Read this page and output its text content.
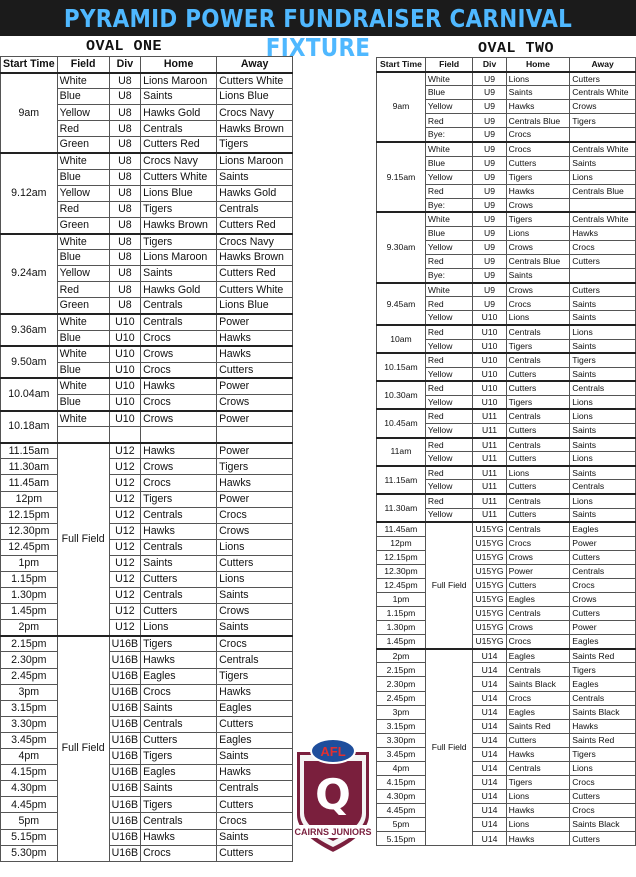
PYRAMID POWER FUNDRAISER CARNIVAL FIXTURE
OVAL ONE	OVAL TWO
Start Time	Field	Div	Home	Away
9am	White	U8	Lions Maroon	Cutters White
	Blue	U8	Saints	Lions Blue
	Yellow	U8	Hawks Gold	Crocs Navy
	Red	U8	Centrals	Hawks Brown
	Green	U8	Cutters Red	Tigers
9.12am	White	U8	Crocs Navy	Lions Maroon
	Blue	U8	Cutters White	Saints
	Yellow	U8	Lions Blue	Hawks Gold
	Red	U8	Tigers	Centrals
	Green	U8	Hawks Brown	Cutters Red
9.24am	White	U8	Tigers	Crocs Navy
	Blue	U8	Lions Maroon	Hawks Brown
	Yellow	U8	Saints	Cutters Red
	Red	U8	Hawks Gold	Cutters White
	Green	U8	Centrals	Lions Blue
9.36am	White	U10	Centrals	Power
	Blue	U10	Crocs	Hawks
9.50am	White	U10	Crows	Hawks
	Blue	U10	Crocs	Cutters
10.04am	White	U10	Hawks	Power
	Blue	U10	Crocs	Crows
10.18am	White	U10	Crows	Power

11.15am	Full Field	U12	Hawks	Power
11.30am		U12	Crows	Tigers
11.45am		U12	Crocs	Hawks
12pm		U12	Tigers	Power
12.15pm		U12	Centrals	Crocs
12.30pm		U12	Hawks	Crows
12.45pm		U12	Centrals	Lions
1pm		U12	Saints	Cutters
1.15pm		U12	Cutters	Lions
1.30pm		U12	Centrals	Saints
1.45pm		U12	Cutters	Crows
2pm		U12	Lions	Saints
2.15pm	Full Field	U16B	Tigers	Crocs
2.30pm		U16B	Hawks	Centrals
2.45pm		U16B	Eagles	Tigers
3pm		U16B	Crocs	Hawks
3.15pm		U16B	Saints	Eagles
3.30pm		U16B	Centrals	Cutters
3.45pm		U16B	Cutters	Eagles
4pm		U16B	Tigers	Saints
4.15pm		U16B	Eagles	Hawks
4.30pm		U16B	Saints	Centrals
4.45pm		U16B	Tigers	Cutters
5pm		U16B	Centrals	Crocs
5.15pm		U16B	Hawks	Saints
5.30pm		U16B	Crocs	Cutters
Start Time	Field	Div	Home	Away
9am	White	U9	Lions	Cutters
	Blue	U9	Saints	Centrals White
	Yellow	U9	Hawks	Crows
	Red	U9	Centrals Blue	Tigers
	Bye:	U9	Crocs	
9.15am	White	U9	Crocs	Centrals White
	Blue	U9	Cutters	Saints
	Yellow	U9	Tigers	Lions
	Red	U9	Hawks	Centrals Blue
	Bye:	U9	Crows	
9.30am	White	U9	Tigers	Centrals White
	Blue	U9	Lions	Hawks
	Yellow	U9	Crows	Crocs
	Red	U9	Centrals Blue	Cutters
	Bye:	U9	Saints	
9.45am	White	U9	Crows	Cutters
	Red	U9	Crocs	Saints
	Yellow	U10	Lions	Saints
10am	Red	U10	Centrals	Lions
	Yellow	U10	Tigers	Saints
10.15am	Red	U10	Centrals	Tigers
	Yellow	U10	Cutters	Saints
10.30am	Red	U10	Cutters	Centrals
	Yellow	U10	Tigers	Lions
10.45am	Red	U11	Centrals	Lions
	Yellow	U11	Cutters	Saints
11am	Red	U11	Centrals	Saints
	Yellow	U11	Cutters	Lions
11.15am	Red	U11	Lions	Saints
	Yellow	U11	Cutters	Centrals
11.30am	Red	U11	Centrals	Lions
	Yellow	U11	Cutters	Saints
11.45am	Full Field	U15YG	Centrals	Eagles
12pm		U15YG	Crocs	Power
12.15pm		U15YG	Crows	Cutters
12.30pm		U15YG	Power	Centrals
12.45pm		U15YG	Cutters	Crocs
1pm		U15YG	Eagles	Crows
1.15pm		U15YG	Centrals	Cutters
1.30pm		U15YG	Crows	Power
1.45pm		U15YG	Crocs	Eagles
2pm	Full Field	U14	Eagles	Saints Red
2.15pm		U14	Centrals	Tigers
2.30pm		U14	Saints Black	Eagles
2.45pm		U14	Crocs	Centrals
3pm		U14	Eagles	Saints Black
3.15pm		U14	Saints Red	Hawks
3.30pm		U14	Cutters	Saints Red
3.45pm		U14	Hawks	Tigers
4pm		U14	Centrals	Lions
4.15pm		U14	Tigers	Crocs
4.30pm		U14	Lions	Cutters
4.45pm		U14	Hawks	Crocs
5pm		U14	Lions	Saints Black
5.15pm		U14	Hawks	Cutters
AFL
Q
CAIRNS JUNIORS
